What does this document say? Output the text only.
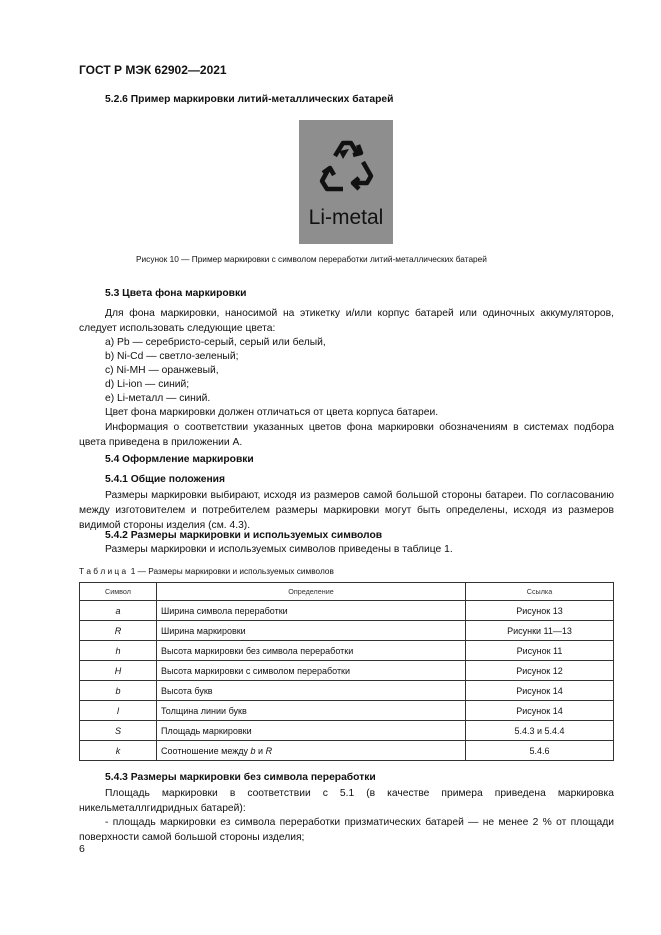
ГОСТ Р МЭК 62902—2021
5.2.6 Пример маркировки литий-металлических батарей
Li-metal
Рисунок 10 — Пример маркировки с символом переработки литий-металлических батарей
5.3 Цвета фона маркировки
Для фона маркировки, наносимой на этикетку и/или корпус батарей или одиночных аккумуляторов, следует использовать следующие цвета:
a) Pb — серебристо-серый, серый или белый,
b) Ni-Cd — светло-зеленый;
c) Ni-MH — оранжевый,
d) Li-ion — синий;
e) Li-металл — синий.
Цвет фона маркировки должен отличаться от цвета корпуса батареи.
Информация о соответствии указанных цветов фона маркировки обозначениям в системах подбора цвета приведена в приложении А.
5.4 Оформление маркировки
5.4.1 Общие положения
Размеры маркировки выбирают, исходя из размеров самой большой стороны батареи. По согласованию между изготовителем и потребителем размеры маркировки могут быть определены, исходя из размеров видимой стороны изделия (см. 4.3).
5.4.2 Размеры маркировки и используемых символов
Размеры маркировки и используемых символов приведены в таблице 1.
Т а б л и ц а 1 — Размеры маркировки и используемых символов
Символ	Определение	Ссылка
a	Ширина символа переработки	Рисунок 13
R	Ширина маркировки	Рисунки 11—13
h	Высота маркировки без символа переработки	Рисунок 11
H	Высота маркировки с символом переработки	Рисунок 12
b	Высота букв	Рисунок 14
l	Толщина линии букв	Рисунок 14
S	Площадь маркировки	5.4.3 и 5.4.4
k	Соотношение между b и R	5.4.6
5.4.3 Размеры маркировки без символа переработки
Площадь маркировки в соответствии с 5.1 (в качестве примера приведена маркировка никельметаллгидридных батарей):
- площадь маркировки ез символа переработки призматических батарей — не менее 2 % от площади поверхности самой большой стороны изделия;
6
